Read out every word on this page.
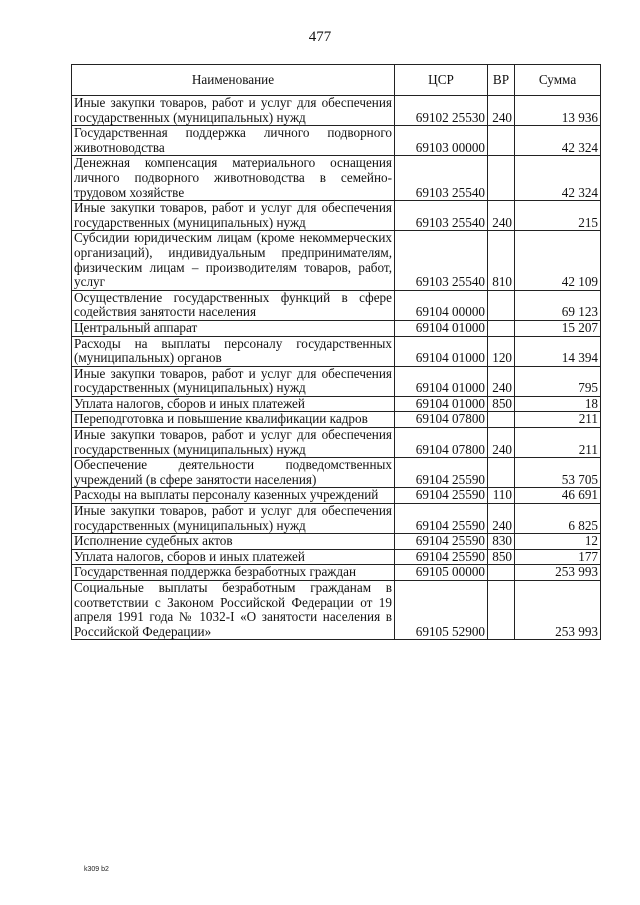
477
Наименование	ЦСР	ВР	Сумма
Иные закупки товаров, работ и услуг для обеспечения государственных (муниципальных) нужд	69102 25530	240	13 936
Государственная поддержка личного подворного животноводства	69103 00000		42 324
Денежная компенсация материального оснащения личного подворного животноводства в семейно-трудовом хозяйстве	69103 25540		42 324
Иные закупки товаров, работ и услуг для обеспечения государственных (муниципальных) нужд	69103 25540	240	215
Субсидии юридическим лицам (кроме некоммерческих организаций), индивидуальным предпринимателям, физическим лицам – производителям товаров, работ, услуг	69103 25540	810	42 109
Осуществление государственных функций в сфере содействия занятости населения	69104 00000		69 123
Центральный аппарат	69104 01000		15 207
Расходы на выплаты персоналу государственных (муниципальных) органов	69104 01000	120	14 394
Иные закупки товаров, работ и услуг для обеспечения государственных (муниципальных) нужд	69104 01000	240	795
Уплата налогов, сборов и иных платежей	69104 01000	850	18
Переподготовка и повышение квалификации кадров	69104 07800		211
Иные закупки товаров, работ и услуг для обеспечения государственных (муниципальных) нужд	69104 07800	240	211
Обеспечение деятельности подведомственных учреждений (в сфере занятости населения)	69104 25590		53 705
Расходы на выплаты персоналу казенных учреждений	69104 25590	110	46 691
Иные закупки товаров, работ и услуг для обеспечения государственных (муниципальных) нужд	69104 25590	240	6 825
Исполнение судебных актов	69104 25590	830	12
Уплата налогов, сборов и иных платежей	69104 25590	850	177
Государственная поддержка безработных граждан	69105 00000		253 993
Социальные выплаты безработным гражданам в соответствии с Законом Российской Федерации от 19 апреля 1991 года № 1032-I «О занятости населения в Российской Федерации»	69105 52900		253 993
k309 b2
